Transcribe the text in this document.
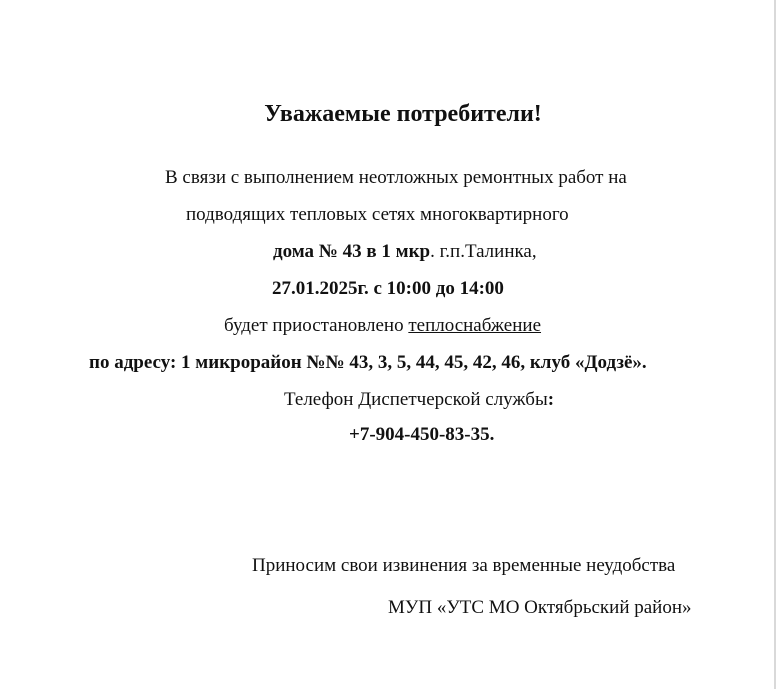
Уважаемые потребители!
В связи с выполнением неотложных ремонтных работ на
подводящих тепловых сетях многоквартирного
дома № 43 в 1 мкр. г.п.Талинка,
27.01.2025г. с 10:00 до 14:00
будет приостановлено теплоснабжение
по адресу: 1 микрорайон №№ 43, 3, 5, 44, 45, 42, 46, клуб «Додзё».
Телефон Диспетчерской службы:
+7-904-450-83-35.
Приносим свои извинения за временные неудобства
МУП «УТС МО Октябрьский район»
